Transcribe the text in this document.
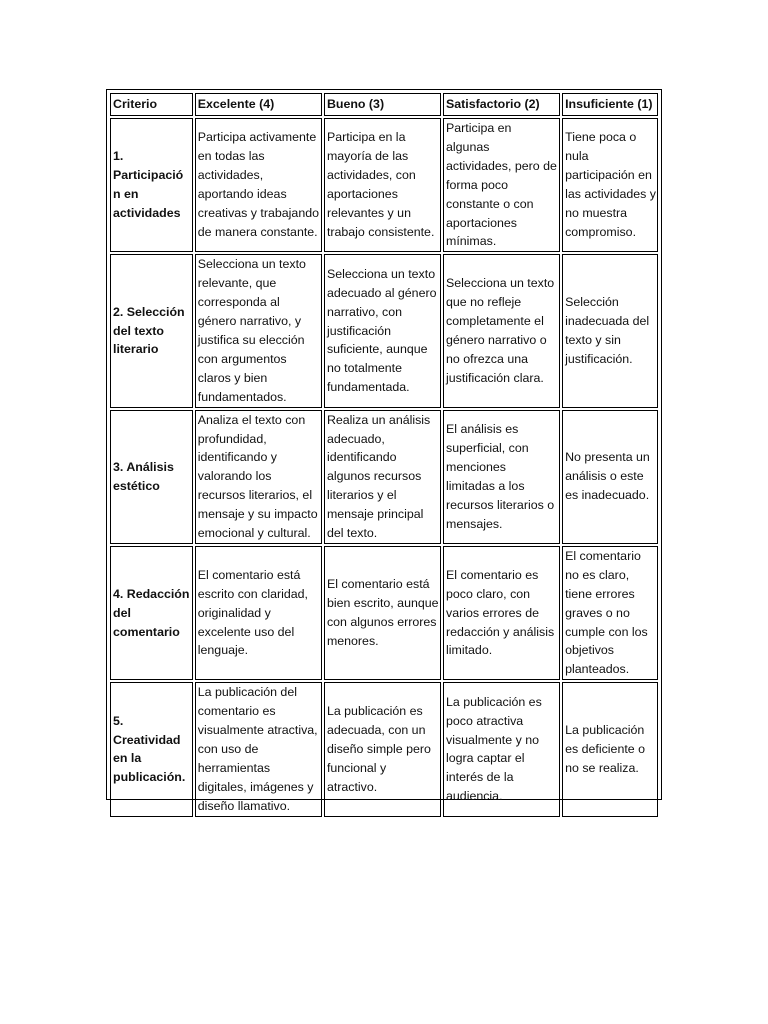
Criterio	Excelente (4)	Bueno (3)	Satisfactorio (2)	Insuficiente (1)
1. Participación en actividades	Participa activamente en todas las actividades, aportando ideas creativas y trabajando de manera constante.	Participa en la mayoría de las actividades, con aportaciones relevantes y un trabajo consistente.	Participa en algunas actividades, pero de forma poco constante o con aportaciones mínimas.	Tiene poca o nula participación en las actividades y no muestra compromiso.
2. Selección del texto literario	Selecciona un texto relevante, que corresponda al género narrativo, y justifica su elección con argumentos claros y bien fundamentados.	Selecciona un texto adecuado al género narrativo, con justificación suficiente, aunque no totalmente fundamentada.	Selecciona un texto que no refleje completamente el género narrativo o no ofrezca una justificación clara.	Selección inadecuada del texto y sin justificación.
3. Análisis estético	Analiza el texto con profundidad, identificando y valorando los recursos literarios, el mensaje y su impacto emocional y cultural.	Realiza un análisis adecuado, identificando algunos recursos literarios y el mensaje principal del texto.	El análisis es superficial, con menciones limitadas a los recursos literarios o mensajes.	No presenta un análisis o este es inadecuado.
4. Redacción del comentario	El comentario está escrito con claridad, originalidad y excelente uso del lenguaje.	El comentario está bien escrito, aunque con algunos errores menores.	El comentario es poco claro, con varios errores de redacción y análisis limitado.	El comentario no es claro, tiene errores graves o no cumple con los objetivos planteados.
5. Creatividad en la publicación.	La publicación del comentario es visualmente atractiva, con uso de herramientas digitales, imágenes y diseño llamativo.	La publicación es adecuada, con un diseño simple pero funcional y atractivo.	La publicación es poco atractiva visualmente y no logra captar el interés de la audiencia.	La publicación es deficiente o no se realiza.
